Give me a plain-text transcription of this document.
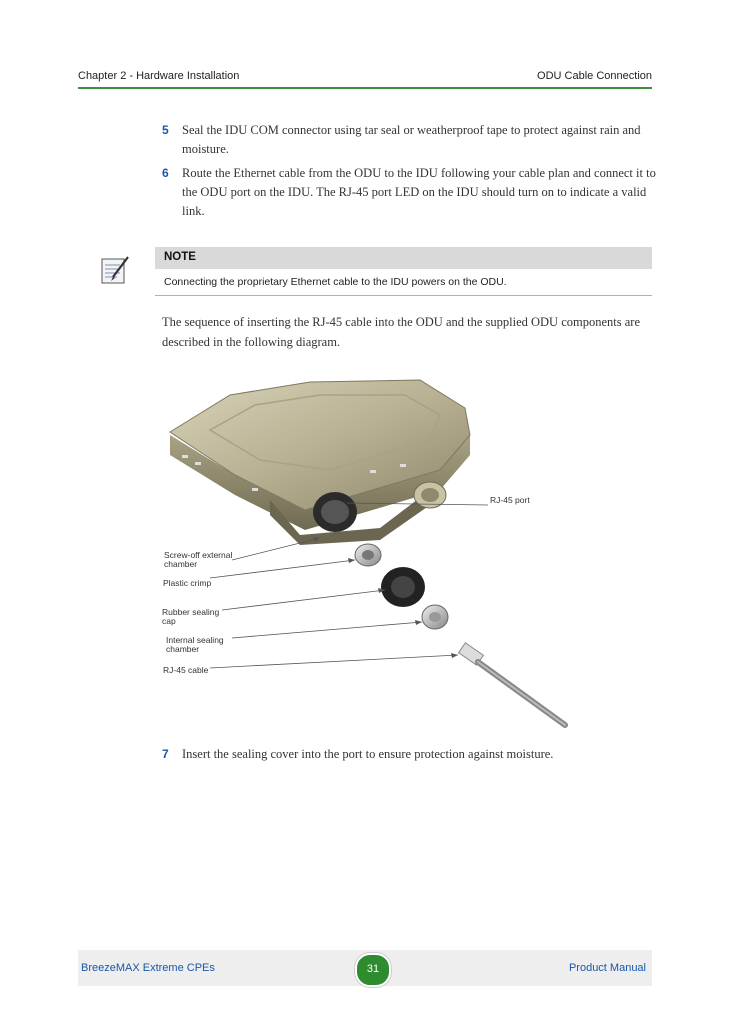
Chapter 2 - Hardware Installation	ODU Cable Connection
5 Seal the IDU COM connector using tar seal or weatherproof tape to protect against rain and moisture.
6 Route the Ethernet cable from the ODU to the IDU following your cable plan and connect it to the ODU port on the IDU. The RJ-45 port LED on the IDU should turn on to indicate a valid link.
NOTE
Connecting the proprietary Ethernet cable to the IDU powers on the ODU.
The sequence of inserting the RJ-45 cable into the ODU and the supplied ODU components are described in the following diagram.
RJ-45 port
Screw-off external chamber
Plastic crimp
Rubber sealing cap
Internal sealing chamber
RJ-45 cable
7 Insert the sealing cover into the port to ensure protection against moisture.
BreezeMAX Extreme CPEs	31	Product Manual
